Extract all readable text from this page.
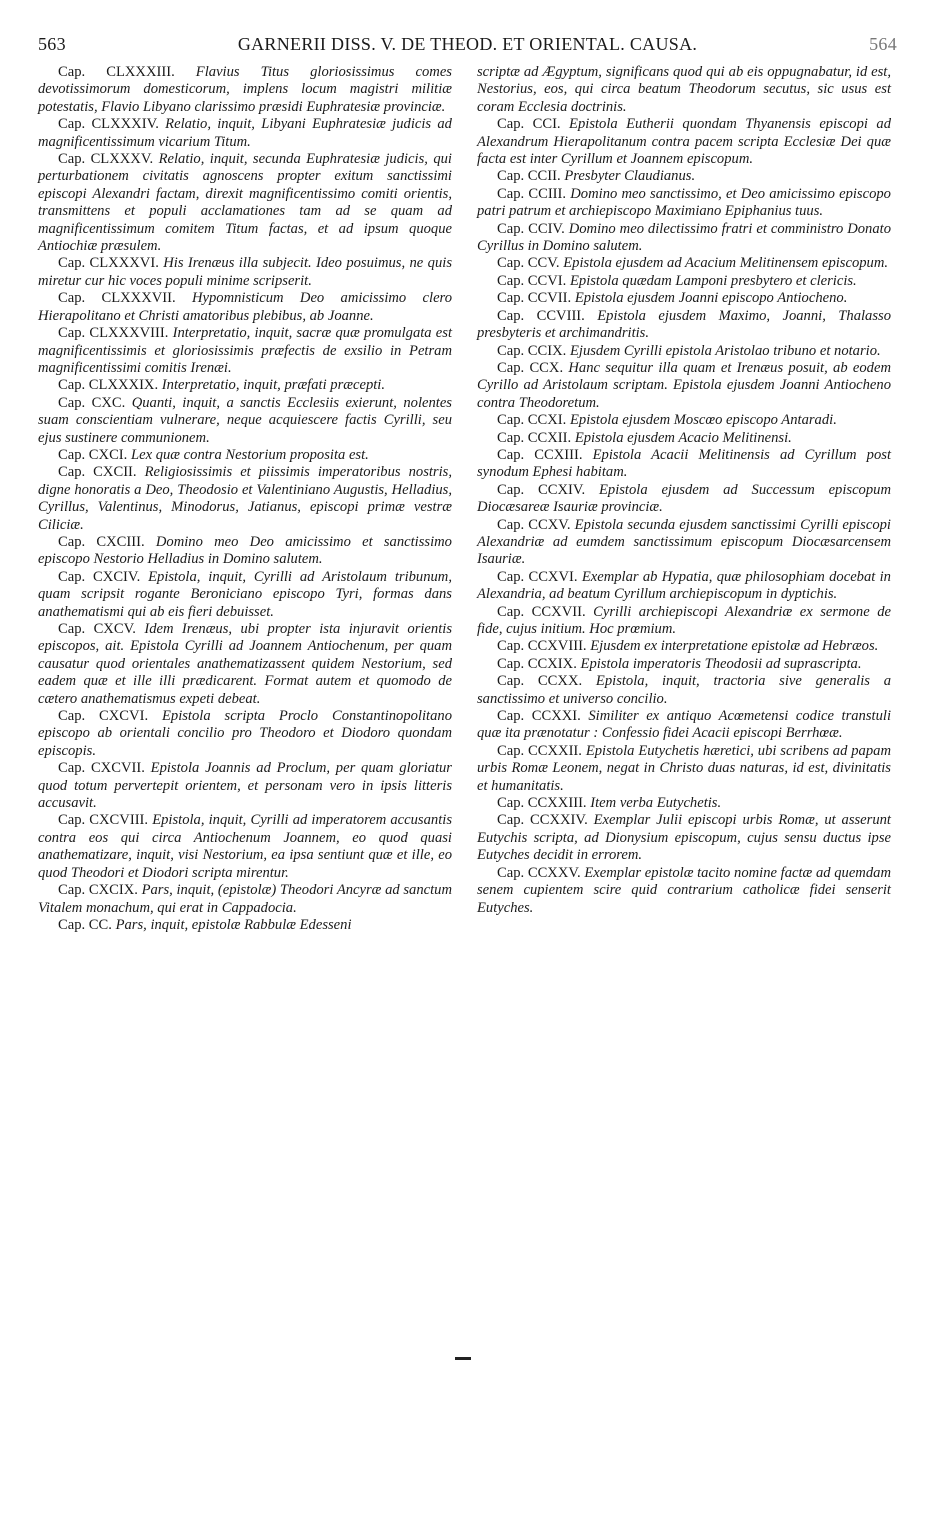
563	GARNERII DISS. V. DE THEOD. ET ORIENTAL. CAUSA.	564

Cap. CLXXXIII. Flavius Titus gloriosissimus comes devotissimorum domesticorum, implens locum magistri militiæ potestatis, Flavio Libyano clarissimo præsidi Euphratesiæ provinciæ.

Cap. CLXXXIV. Relatio, inquit, Libyani Euphratesiæ judicis ad magnificentissimum vicarium Titum.

Cap. CLXXXV. Relatio, inquit, secunda Euphratesiæ judicis, qui perturbationem civitatis agnoscens propter exitum sanctissimi episcopi Alexandri factam, direxit magnificentissimo comiti orientis, transmittens et populi acclamationes tam ad se quam ad magnificentissimum comitem Titum factas, et ad ipsum quoque Antiochiæ præsulem.

Cap. CLXXXVI. His Irenæus illa subjecit. Ideo posuimus, ne quis miretur cur hic voces populi minime scripserit.

Cap. CLXXXVII. Hypomnisticum Deo amicissimo clero Hierapolitano et Christi amatoribus plebibus, ab Joanne.

Cap. CLXXXVIII. Interpretatio, inquit, sacræ quæ promulgata est magnificentissimis et gloriosissimis præfectis de exsilio in Petram magnificentissimi comitis Irenæi.

Cap. CLXXXIX. Interpretatio, inquit, præfati præcepti.

Cap. CXC. Quanti, inquit, a sanctis Ecclesiis exierunt, nolentes suam conscientiam vulnerare, neque acquiescere factis Cyrilli, seu ejus sustinere communionem.

Cap. CXCI. Lex quæ contra Nestorium proposita est.

Cap. CXCII. Religiosissimis et piissimis imperatoribus nostris, digne honoratis a Deo, Theodosio et Valentiniano Augustis, Helladius, Cyrillus, Valentinus, Minodorus, Jatianus, episcopi primæ vestræ Ciliciæ.

Cap. CXCIII. Domino meo Deo amicissimo et sanctissimo episcopo Nestorio Helladius in Domino salutem.

Cap. CXCIV. Epistola, inquit, Cyrilli ad Aristolaum tribunum, quam scripsit rogante Beroniciano episcopo Tyri, formas dans anathematismi qui ab eis fieri debuisset.

Cap. CXCV. Idem Irenæus, ubi propter ista injuravit orientis episcopos, ait. Epistola Cyrilli ad Joannem Antiochenum, per quam causatur quod orientales anathematizassent quidem Nestorium, sed eadem quæ et ille illi prædicarent. Format autem et quomodo de cætero anathematismus expeti debeat.

Cap. CXCVI. Epistola scripta Proclo Constantinopolitano episcopo ab orientali concilio pro Theodoro et Diodoro quondam episcopis.

Cap. CXCVII. Epistola Joannis ad Proclum, per quam gloriatur quod totum pervertерit orientem, et personam vero in ipsis litteris accusavit.

Cap. CXCVIII. Epistola, inquit, Cyrilli ad imperatorem accusantis contra eos qui circa Antiochenum Joannem, eo quod quasi anathematizare, inquit, visi Nestorium, ea ipsa sentiunt quæ et ille, eo quod Theodori et Diodori scripta mirentur.

Cap. CXCIX. Pars, inquit, (epistolæ) Theodori Ancyræ ad sanctum Vitalem monachum, qui erat in Cappadocia.

Cap. CC. Pars, inquit, epistolæ Rabbulæ Edesseni

scriptæ ad Ægyptum, significans quod qui ab eis oppugnabatur, id est, Nestorius, eos, qui circa beatum Theodorum secutus, sic usus est coram Ecclesia doctrinis.

Cap. CCI. Epistola Eutherii quondam Thyanensis episcopi ad Alexandrum Hierapolitanum contra pacem scripta Ecclesiæ Dei quæ facta est inter Cyrillum et Joannem episcopum.

Cap. CCII. Presbyter Claudianus.

Cap. CCIII. Domino meo sanctissimo, et Deo amicissimo episcopo patri patrum et archiepiscopo Maximiano Epiphanius tuus.

Cap. CCIV. Domino meo dilectissimo fratri et comministro Donato Cyrillus in Domino salutem.

Cap. CCV. Epistola ejusdem ad Acacium Melitinensem episcopum.

Cap. CCVI. Epistola quædam Lamponi presbytero et clericis.

Cap. CCVII. Epistola ejusdem Joanni episcopo Antiocheno.

Cap. CCVIII. Epistola ejusdem Maximo, Joanni, Thalasso presbyteris et archimandritis.

Cap. CCIX. Ejusdem Cyrilli epistola Aristolao tribuno et notario.

Cap. CCX. Hanc sequitur illa quam et Irenæus posuit, ab eodem Cyrillo ad Aristolaum scriptam. Epistola ejusdem Joanni Antiocheno contra Theodoretum.

Cap. CCXI. Epistola ejusdem Moscœo episcopo Antaradi.

Cap. CCXII. Epistola ejusdem Acacio Melitinensi.

Cap. CCXIII. Epistola Acacii Melitinensis ad Cyrillum post synodum Ephesi habitam.

Cap. CCXIV. Epistola ejusdem ad Successum episcopum Diocæsareæ Isauriæ provinciæ.

Cap. CCXV. Epistola secunda ejusdem sanctissimi Cyrilli episcopi Alexandriæ ad eumdem sanctissimum episcopum Diocæsarcensem Isauriæ.

Cap. CCXVI. Exemplar ab Hypatia, quæ philosophiam docebat in Alexandria, ad beatum Cyrillum archiepiscopum in dyptichis.

Cap. CCXVII. Cyrilli archiepiscopi Alexandriæ ex sermone de fide, cujus initium. Hoc prœmium.

Cap. CCXVIII. Ejusdem ex interpretatione epistolæ ad Hebræos.

Cap. CCXIX. Epistola imperatoris Theodosii ad suprascripta.

Cap. CCXX. Epistola, inquit, tractoria sive generalis a sanctissimo et universo concilio.

Cap. CCXXI. Similiter ex antiquo Acœmetensi codice transtuli quæ ita prænotatur : Confessio fidei Acacii episcopi Berrhœæ.

Cap. CCXXII. Epistola Eutychetis hæretici, ubi scribens ad papam urbis Romæ Leonem, negat in Christo duas naturas, id est, divinitatis et humanitatis.

Cap. CCXXIII. Item verba Eutychetis.

Cap. CCXXIV. Exemplar Julii episcopi urbis Romæ, ut asserunt Eutychis scripta, ad Dionysium episcopum, cujus sensu ductus ipse Eutyches decidit in errorem.

Cap. CCXXV. Exemplar epistolæ tacito nomine factæ ad quemdam senem cupientem scire quid contrarium catholicæ fidei senserit Eutyches.
